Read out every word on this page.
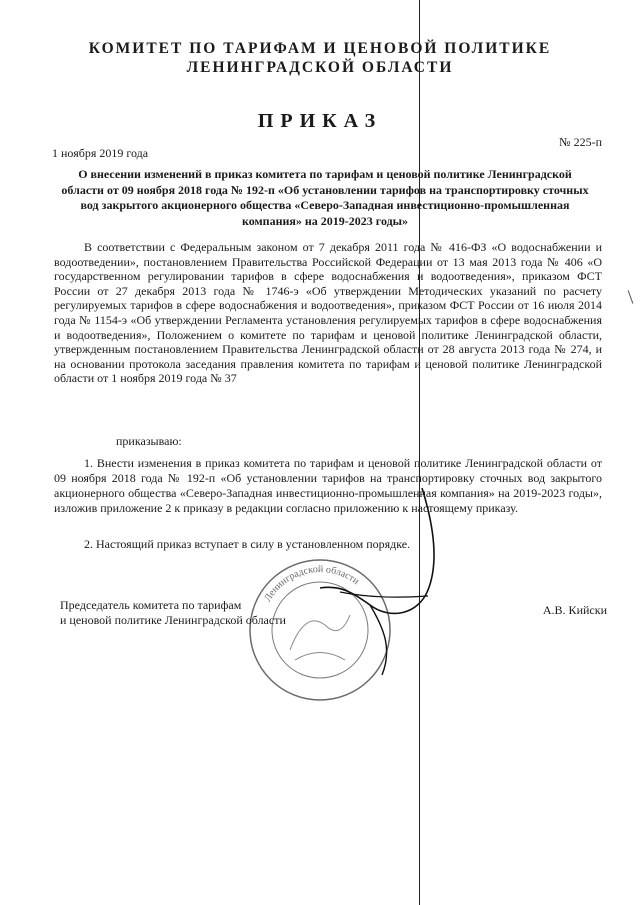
КОМИТЕТ ПО ТАРИФАМ И ЦЕНОВОЙ ПОЛИТИКЕ
ЛЕНИНГРАДСКОЙ ОБЛАСТИ
ПРИКАЗ
1 ноября 2019 года
№ 225-п
О внесении изменений в приказ комитета по тарифам и ценовой политике Ленинградской области от 09 ноября 2018 года № 192-п «Об установлении тарифов на транспортировку сточных вод закрытого акционерного общества «Северо-Западная инвестиционно-промышленная компания» на 2019-2023 годы»
В соответствии с Федеральным законом от 7 декабря 2011 года № 416-ФЗ «О водоснабжении и водоотведении», постановлением Правительства Российской Федерации от 13 мая 2013 года № 406 «О государственном регулировании тарифов в сфере водоснабжения и водоотведения», приказом ФСТ России от 27 декабря 2013 года № 1746-э «Об утверждении Методических указаний по расчету регулируемых тарифов в сфере водоснабжения и водоотведения», приказом ФСТ России от 16 июля 2014 года № 1154-э «Об утверждении Регламента установления регулируемых тарифов в сфере водоснабжения и водоотведения», Положением о комитете по тарифам и ценовой политике Ленинградской области, утвержденным постановлением Правительства Ленинградской области от 28 августа 2013 года № 274, и на основании протокола заседания правления комитета по тарифам и ценовой политике Ленинградской области от 1 ноября 2019 года № 37
приказываю:
1. Внести изменения в приказ комитета по тарифам и ценовой политике Ленинградской области от 09 ноября 2018 года № 192-п «Об установлении тарифов на транспортировку сточных вод закрытого акционерного общества «Северо-Западная инвестиционно-промышленная компания» на 2019-2023 годы», изложив приложение 2 к приказу в редакции согласно приложению к настоящему приказу.
2. Настоящий приказ вступает в силу в установленном порядке.
Ленинградской области
Председатель комитета по тарифам
и ценовой политике Ленинградской области
А.В. Кийски
